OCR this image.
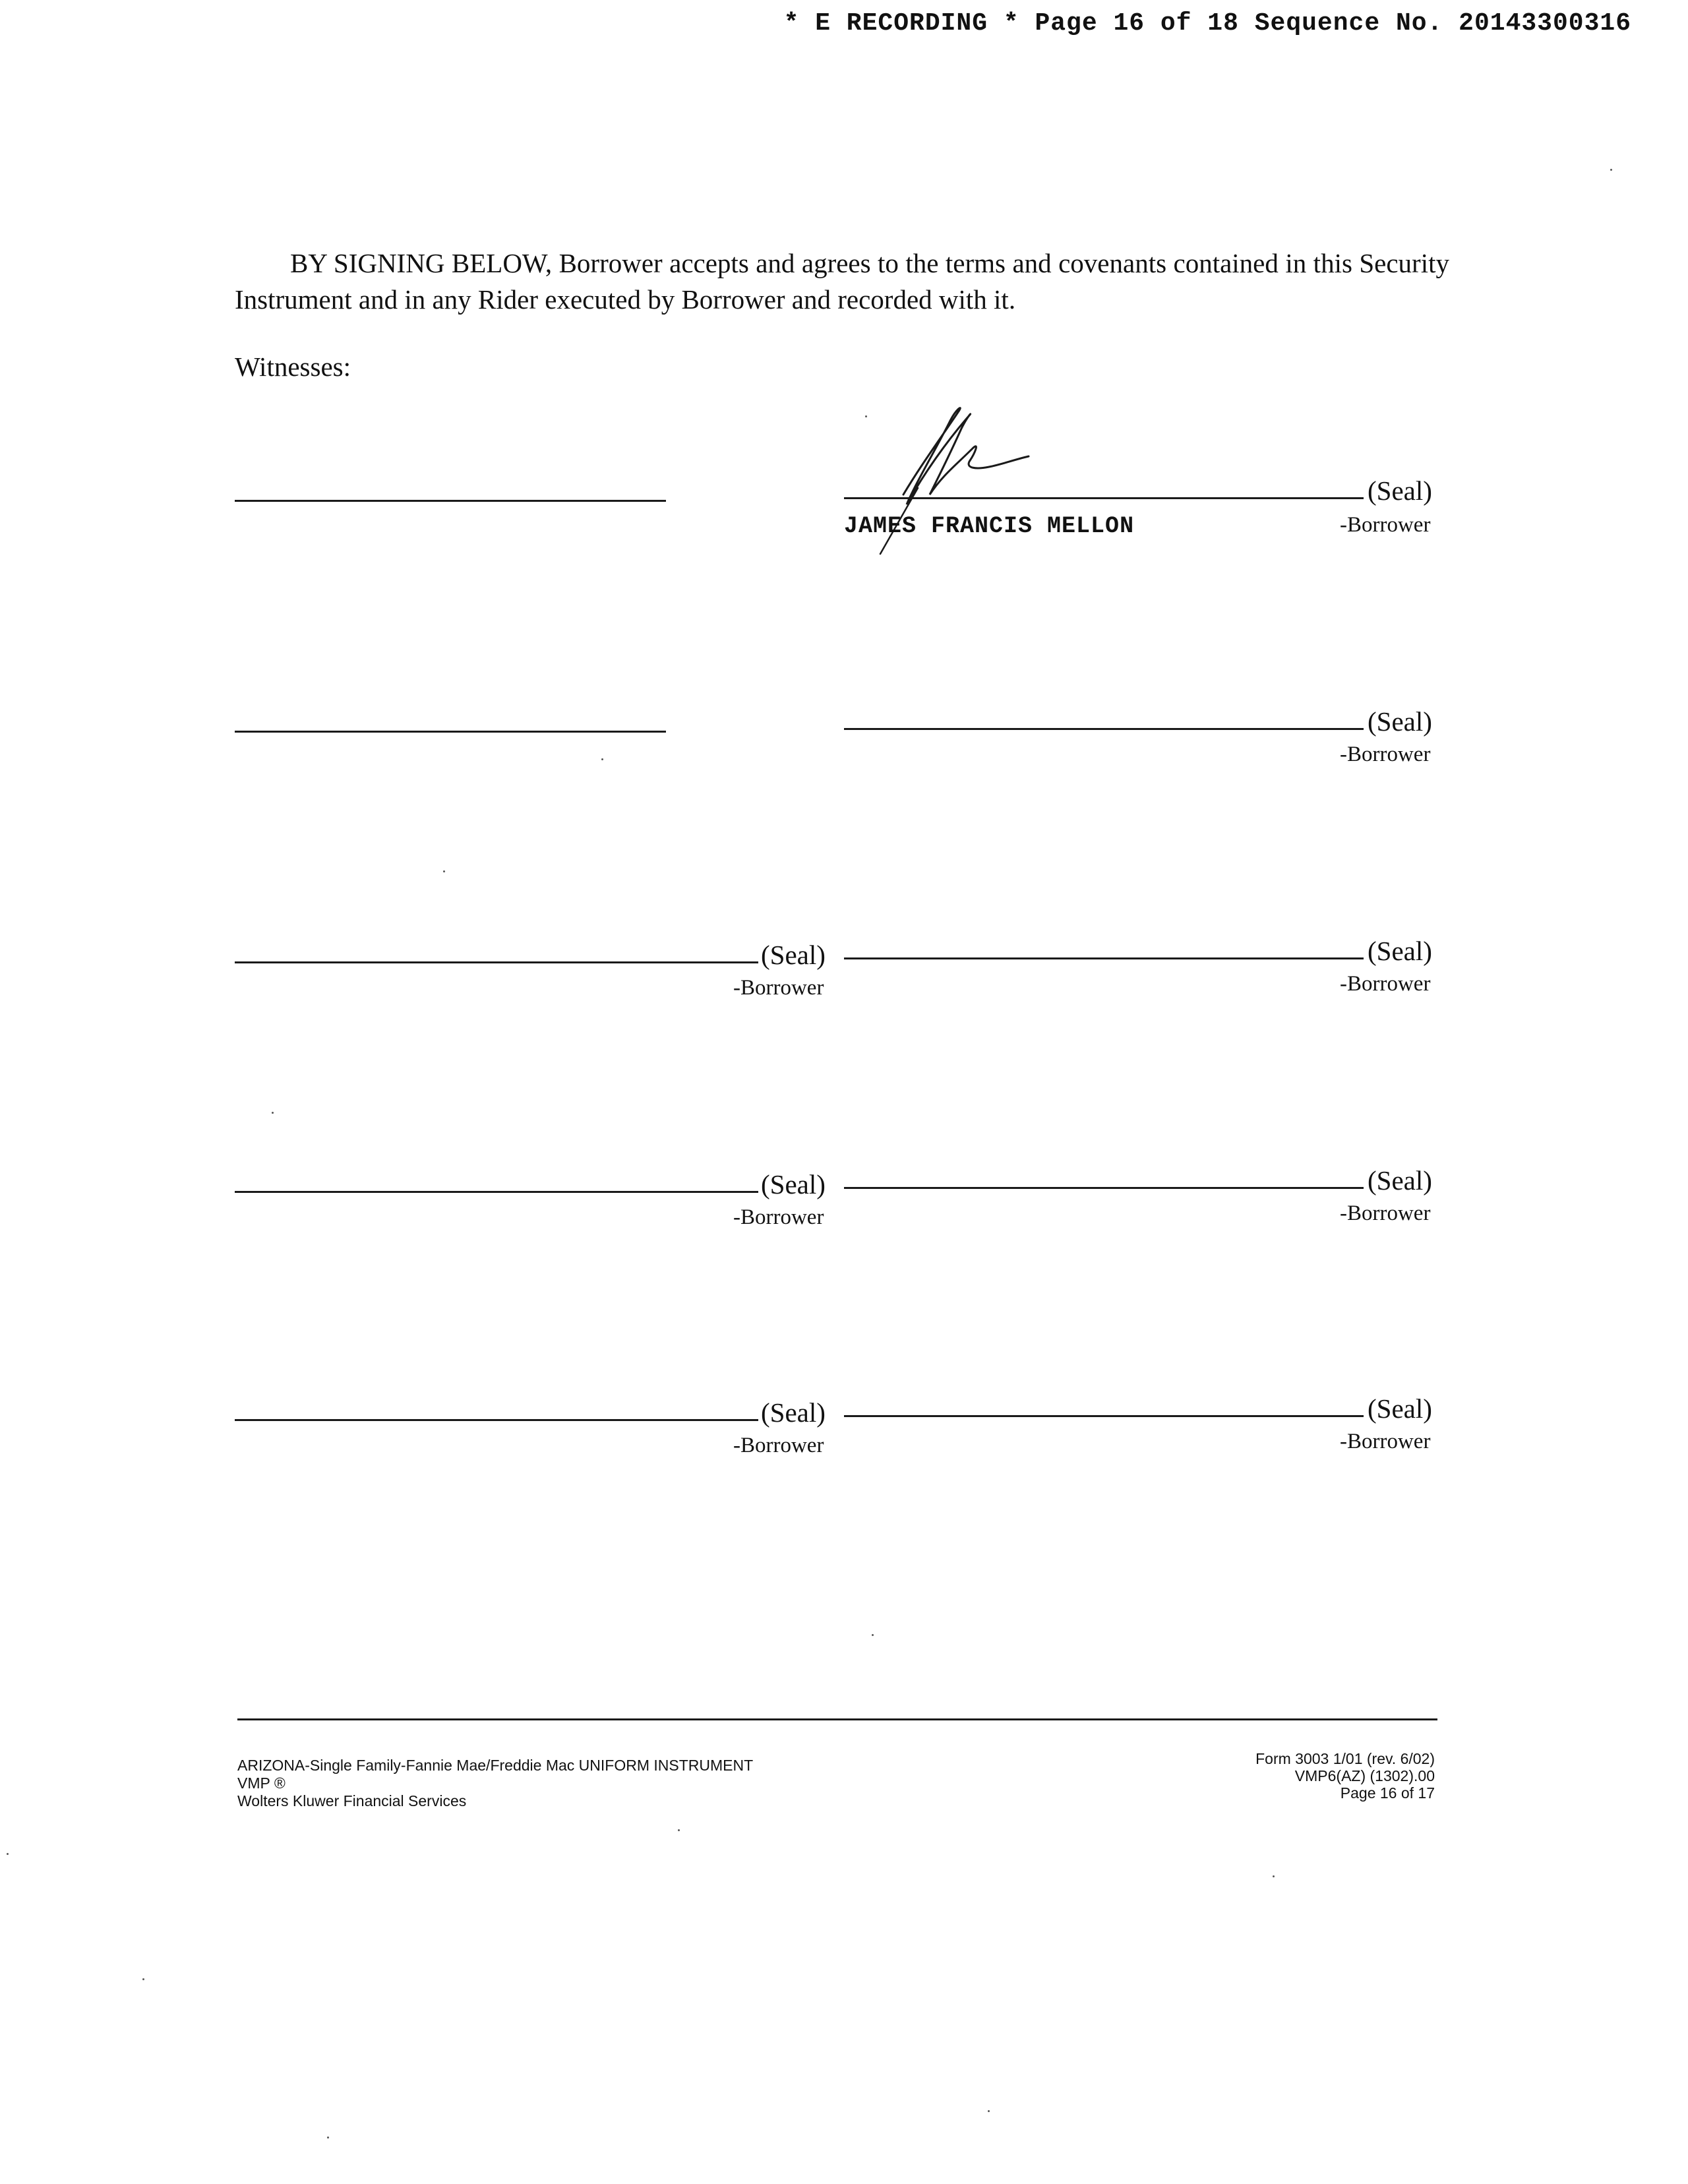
* E RECORDING * Page 16 of 18 Sequence No. 20143300316
BY SIGNING BELOW, Borrower accepts and agrees to the terms and covenants contained in this Security Instrument and in any Rider executed by Borrower and recorded with it.
Witnesses:
(Seal)
JAMES FRANCIS MELLON	-Borrower
(Seal)
-Borrower
(Seal)
-Borrower
(Seal)
-Borrower
(Seal)
-Borrower
(Seal)
-Borrower
(Seal)
-Borrower
(Seal)
-Borrower
ARIZONA-Single Family-Fannie Mae/Freddie Mac UNIFORM INSTRUMENT
VMP ®
Wolters Kluwer Financial Services
Form 3003 1/01 (rev. 6/02)
VMP6(AZ) (1302).00
Page 16 of 17
